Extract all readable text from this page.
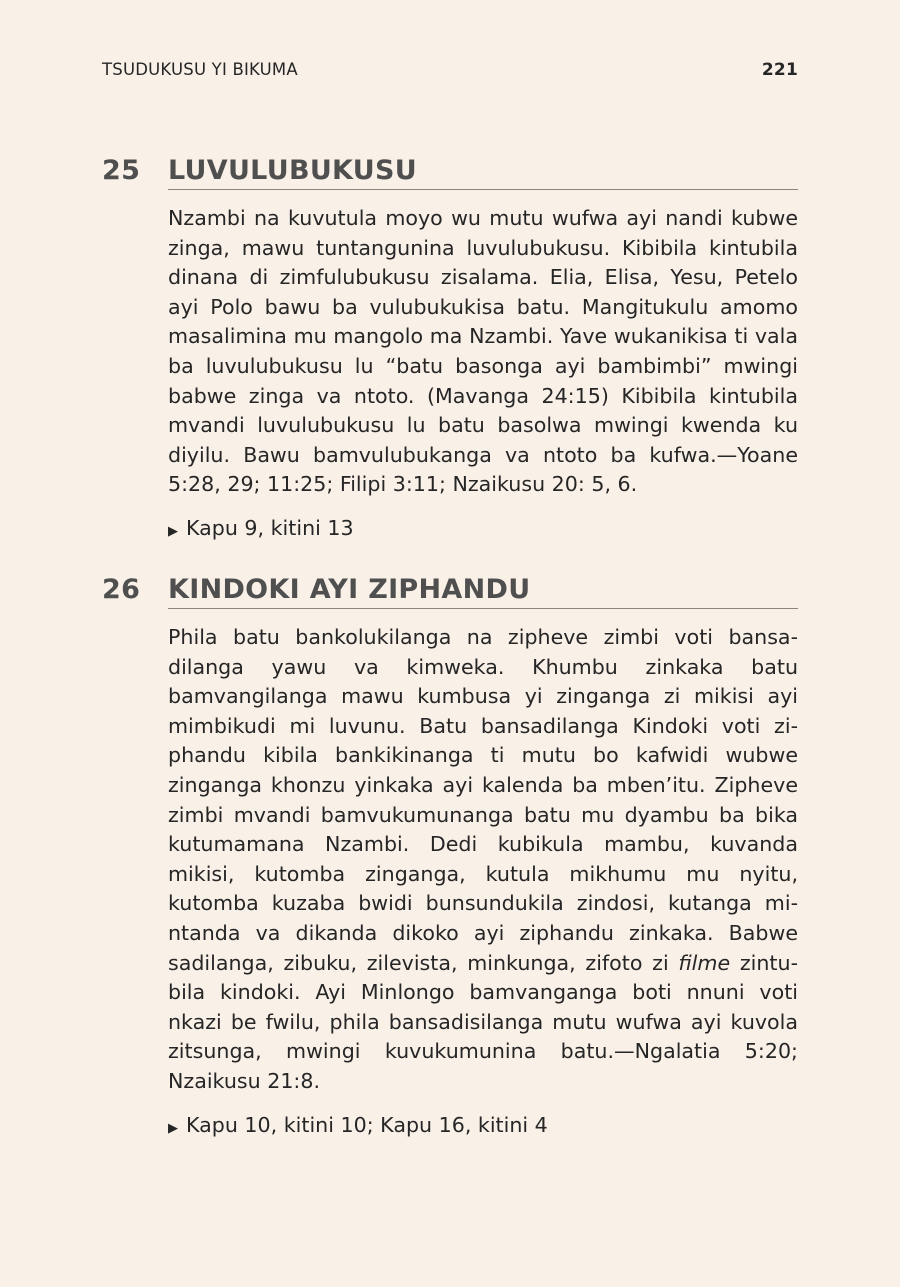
TSUDUKUSU YI BIKUMA	221
25	LUVULUBUKUSU

Nzambi na kuvutula moyo wu mutu wufwa ayi nandi kubwe zinga, mawu tuntangunina luvulubukusu. Kibibila kintubila dinana di zimfulubukusu zisalama. Elia, Elisa, Yesu, Petelo ayi Polo bawu ba vulubukukisa batu. Mangitukulu amomo masalimina mu mangolo ma Nzambi. Yave wukanikisa ti vala ba luvulubukusu lu “batu basonga ayi bambimbi” mwingi babwe zinga va ntoto. (Mavanga 24:15) Kibibila kintubila mvandi luvulubukusu lu batu basolwa mwingi kwenda ku diyilu. Bawu bamvulubukanga va ntoto ba kufwa.—Yoane 5:28, 29; 11:25; Filipi 3:11; Nzaikusu 20: 5, 6.

▶ Kapu 9, kitini 13
26	KINDOKI AYI ZIPHANDU

Phila batu bankolukilanga na zipheve zimbi voti bansadilanga yawu va kimweka. Khumbu zinkaka batu bamvangilanga mawu kumbusa yi zinganga zi mikisi ayi mimbikudi mi luvunu. Batu bansadilanga Kindoki voti ziphandu kibila bankikinanga ti mutu bo kafwidi wubwe zinganga khonzu yinkaka ayi kalenda ba mben’itu. Zipheve zimbi mvandi bamvukumunanga batu mu dyambu ba bika kutumamana Nzambi. Dedi kubikula mambu, kuvanda mikisi, kutomba zinganga, kutula mikhumu mu nyitu, kutomba kuzaba bwidi bunsundukila zindosi, kutanga mintanda va dikanda dikoko ayi ziphandu zinkaka. Babwe sadilanga, zibuku, zilevista, minkunga, zifoto zi filme zintubila kindoki. Ayi Minlongo bamvanganga boti nnuni voti nkazi be fwilu, phila bansadisilanga mutu wufwa ayi kuvola zitsunga, mwingi kuvukumunina batu.—Ngalatia 5:20; Nzaikusu 21:8.

▶ Kapu 10, kitini 10; Kapu 16, kitini 4
